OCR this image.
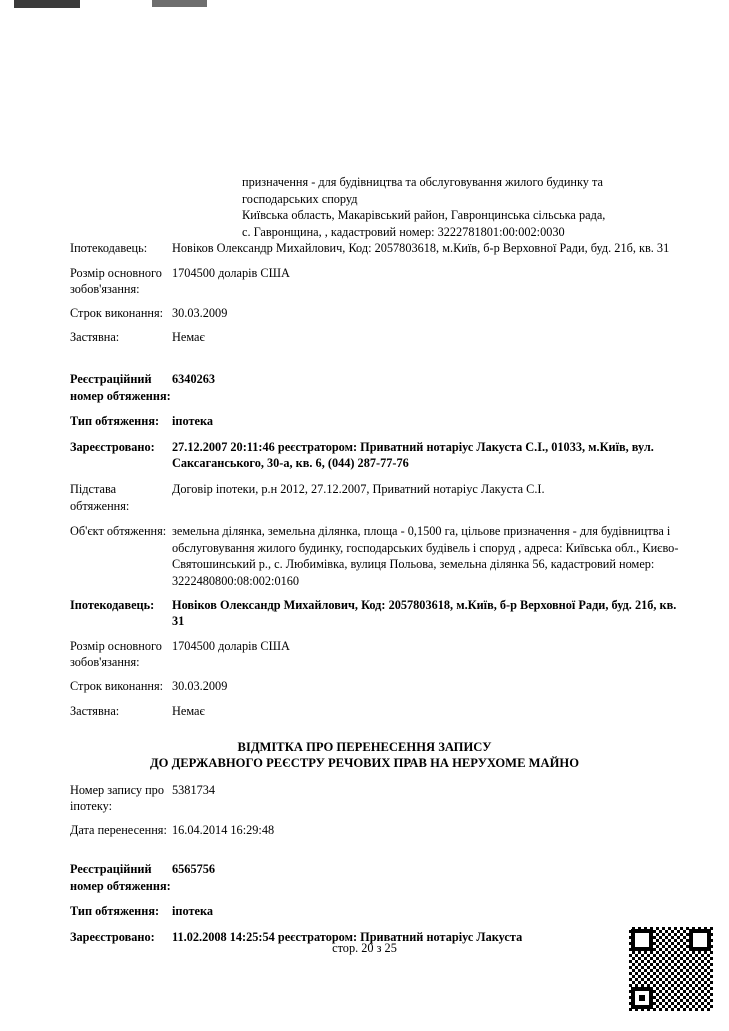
призначення - для будівництва та обслуговування жилого будинку та
господарських споруд
Київська область, Макарівський район, Гавронцинська сільська рада,
с. Гавронщина, , кадастровий номер: 3222781801:00:002:0030
Іпотекодавець:	Новіков Олександр Михайлович, Код: 2057803618, м.Київ, б-р Верховної Ради, буд. 21б, кв. 31
Розмір основного зобов'язання:
1704500 доларів США
Строк виконання: 30.03.2009
Застявна:	Немає
Реєстраційний номер обтяження:
6340263
Тип обтяження:	іпотека
Зареєстровано:	27.12.2007 20:11:46 реєстратором: Приватний нотаріус Лакуста С.І., 01033, м.Київ, вул. Саксаганського, 30-а, кв. 6, (044) 287-77-76
Підстава обтяження:
Договір іпотеки, р.н 2012, 27.12.2007, Приватний нотаріус Лакуста С.І.
Об'єкт обтяження: земельна ділянка, земельна ділянка, площа - 0,1500 га, цільове призначення - для будівництва і обслуговування жилого будинку, господарських будівель і споруд , адреса: Київська обл., Києво-Святошинський р., с. Любимівка, вулиця Польова, земельна ділянка 56, кадастровий номер: 3222480800:08:002:0160
Іпотекодавець:	Новіков Олександр Михайлович, Код: 2057803618, м.Київ, б-р Верховної Ради, буд. 21б, кв. 31
Розмір основного зобов'язання:
1704500 доларів США
Строк виконання: 30.03.2009
Застявна:	Немає
ВІДМІТКА ПРО ПЕРЕНЕСЕННЯ ЗАПИСУ
ДО ДЕРЖАВНОГО РЕЄСТРУ РЕЧОВИХ ПРАВ НА НЕРУХОМЕ МАЙНО
Номер запису про іпотеку:
5381734
Дата перенесення: 16.04.2014 16:29:48
Реєстраційний номер обтяження:
6565756
Тип обтяження:	іпотека
Зареєстровано:	11.02.2008 14:25:54 реєстратором: Приватний нотаріус Лакуста
стор. 20 з 25
